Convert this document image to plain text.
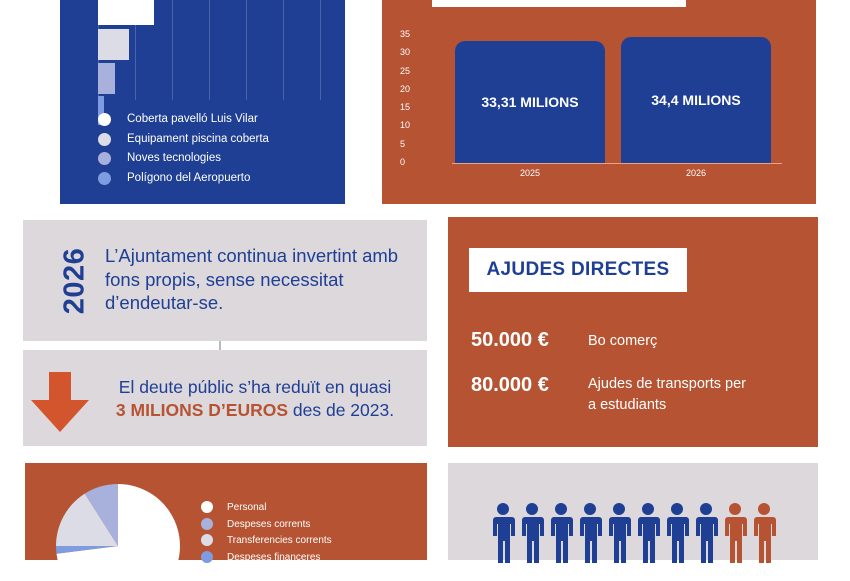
Coberta pavelló Luis Vilar
Equipament piscina coberta
Noves tecnologies
Polígono del Aeropuerto
0
5
10
15
20
25
30
35
33,31 MILIONS
2025
34,4 MILIONS
2026
2026 L’Ajuntament continua invertint amb fons propis, sense necessitat d’endeutar-se.
El deute públic s’ha reduït en quasi
3 MILIONS D’EUROS des de 2023.
AJUDES DIRECTES
50.000 €	Bo comerç
80.000 €	Ajudes de transports per a estudiants
Personal
Despeses corrents
Transferencies corrents
Despeses financeres
